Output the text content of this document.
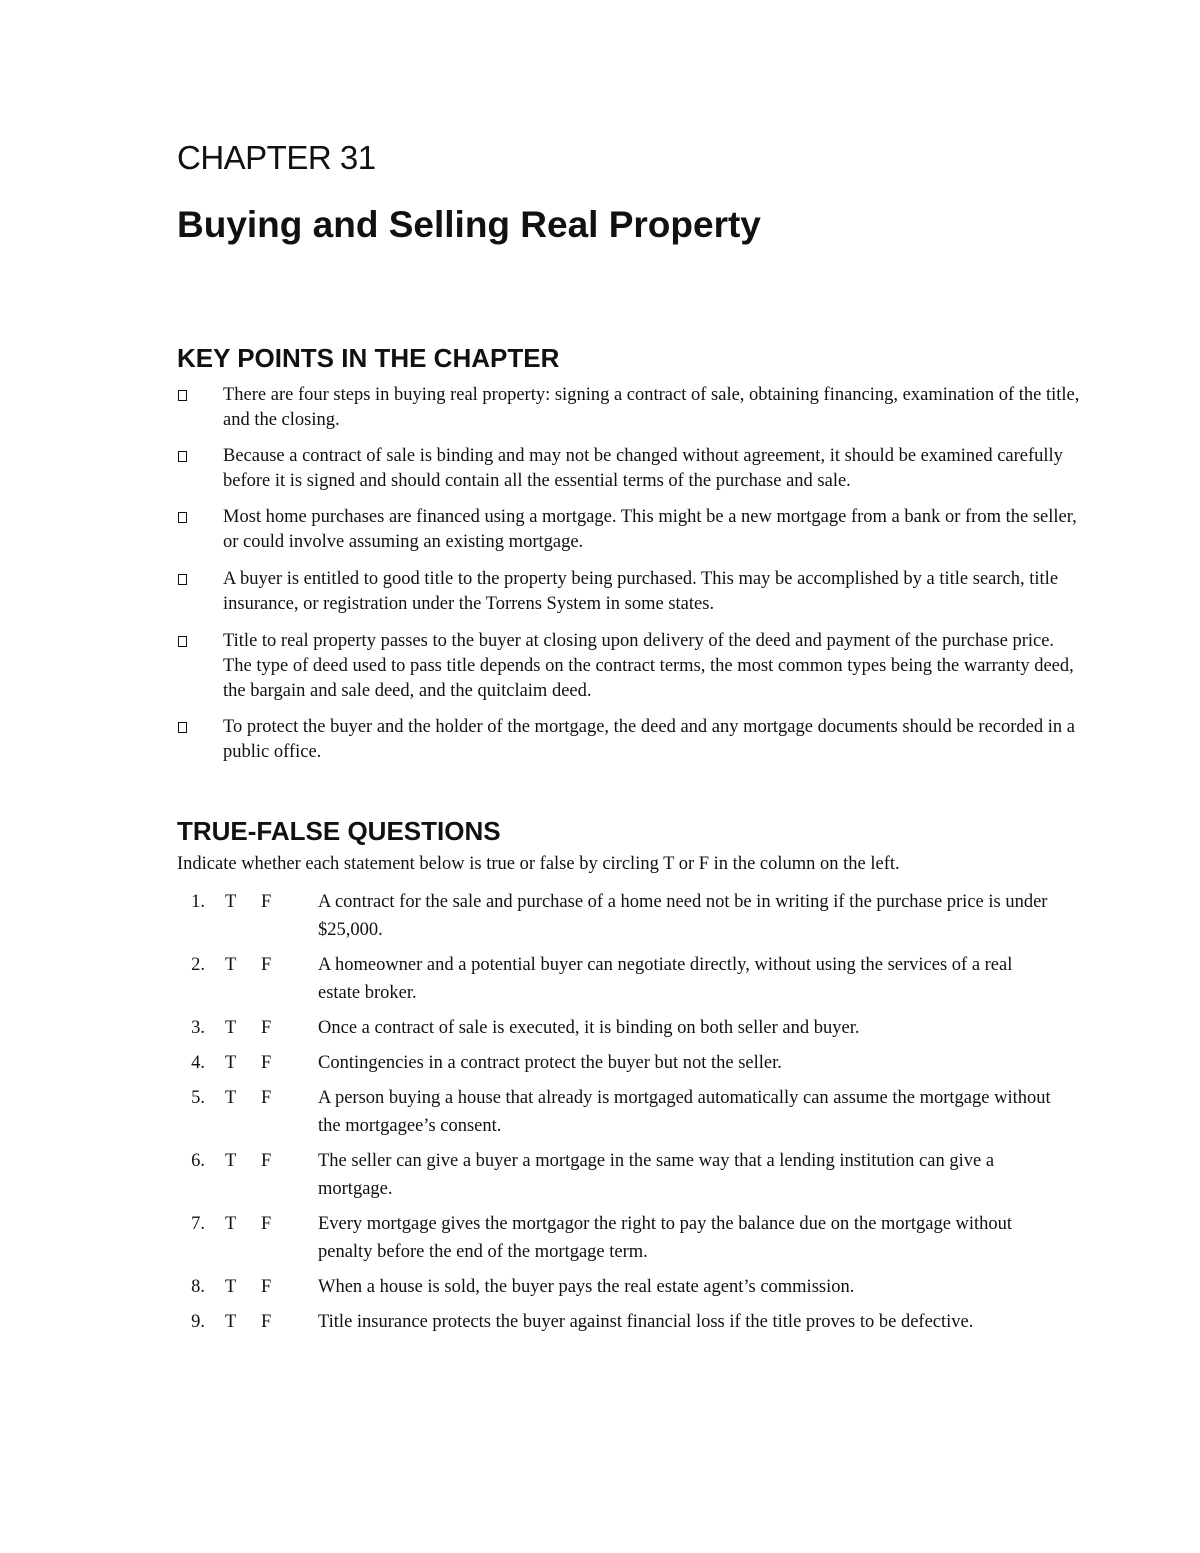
CHAPTER 31
Buying and Selling Real Property
KEY POINTS IN THE CHAPTER
There are four steps in buying real property: signing a contract of sale, obtaining financing, examination of the title, and the closing.
Because a contract of sale is binding and may not be changed without agreement, it should be examined carefully before it is signed and should contain all the essential terms of the purchase and sale.
Most home purchases are financed using a mortgage. This might be a new mortgage from a bank or from the seller, or could involve assuming an existing mortgage.
A buyer is entitled to good title to the property being purchased. This may be accomplished by a title search, title insurance, or registration under the Torrens System in some states.
Title to real property passes to the buyer at closing upon delivery of the deed and payment of the purchase price. The type of deed used to pass title depends on the contract terms, the most common types being the warranty deed, the bargain and sale deed, and the quitclaim deed.
To protect the buyer and the holder of the mortgage, the deed and any mortgage documents should be recorded in a public office.
TRUE-FALSE QUESTIONS
Indicate whether each statement below is true or false by circling T or F in the column on the left.
1. T F	A contract for the sale and purchase of a home need not be in writing if the purchase price is under $25,000.
2. T F	A homeowner and a potential buyer can negotiate directly, without using the services of a real estate broker.
3. T F	Once a contract of sale is executed, it is binding on both seller and buyer.
4. T F	Contingencies in a contract protect the buyer but not the seller.
5. T F	A person buying a house that already is mortgaged automatically can assume the mortgage without the mortgagee’s consent.
6. T F	The seller can give a buyer a mortgage in the same way that a lending institution can give a mortgage.
7. T F	Every mortgage gives the mortgagor the right to pay the balance due on the mortgage without penalty before the end of the mortgage term.
8. T F	When a house is sold, the buyer pays the real estate agent’s commission.
9. T F	Title insurance protects the buyer against financial loss if the title proves to be defective.
